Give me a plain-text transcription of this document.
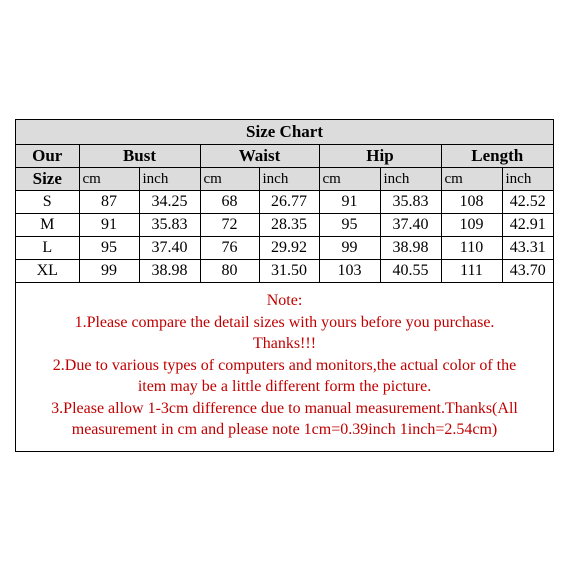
Size Chart								
Our	Bust		Waist		Hip		Length	
Size	cm	inch	cm	inch	cm	inch	cm	inch
S	87	34.25	68	26.77	91	35.83	108	42.52
M	91	35.83	72	28.35	95	37.40	109	42.91
L	95	37.40	76	29.92	99	38.98	110	43.31
XL	99	38.98	80	31.50	103	40.55	111	43.70
Note:
1.Please compare the detail sizes with yours before you purchase.
Thanks!!!
2.Due to various types of computers and monitors,the actual color of the
item may be a little different form the picture.
3.Please allow 1-3cm difference due to manual measurement.Thanks(All
measurement in cm and please note 1cm=0.39inch 1inch=2.54cm)
